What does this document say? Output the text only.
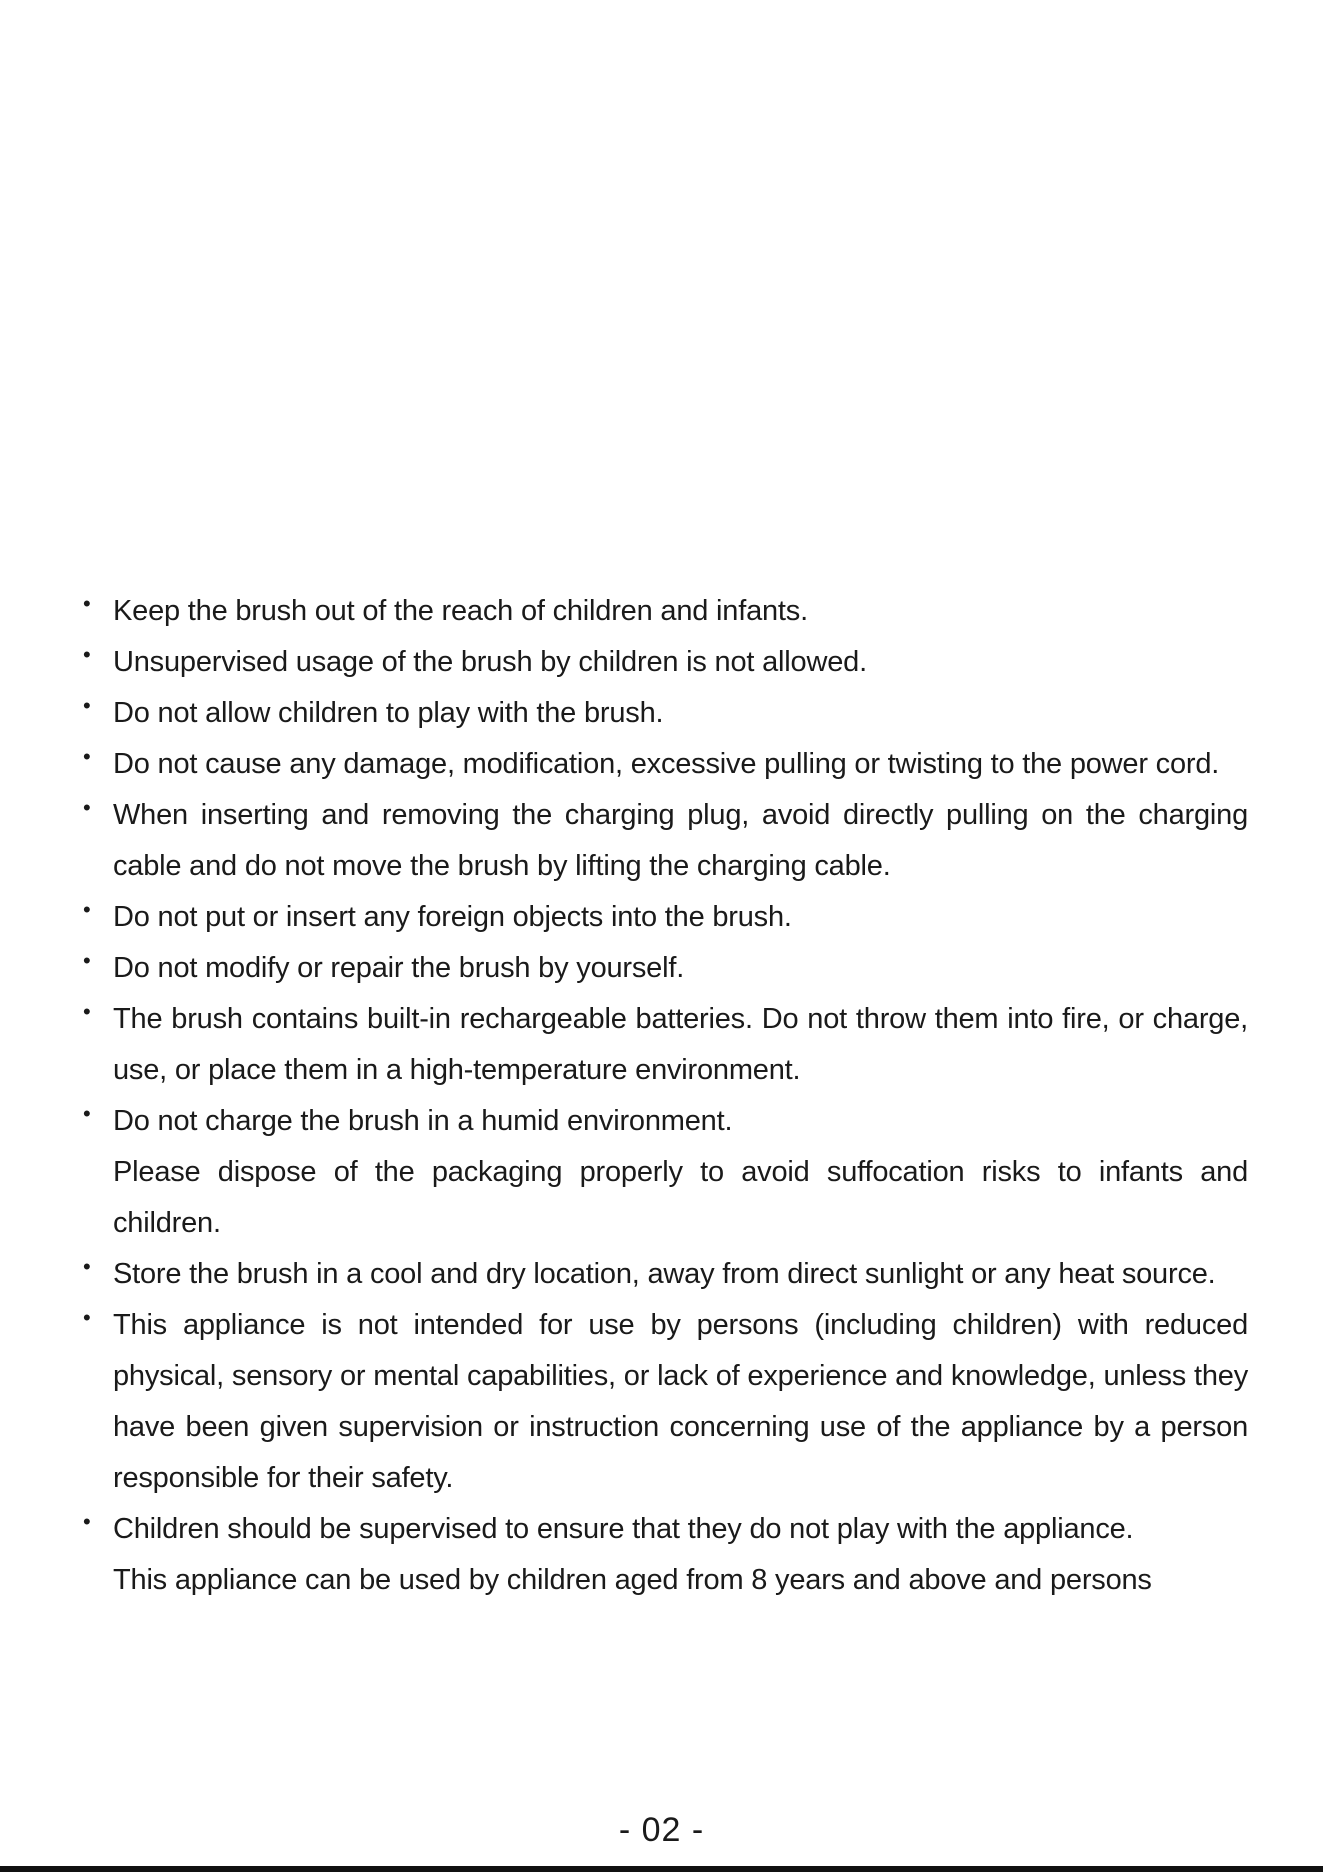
• Keep the brush out of the reach of children and infants.
• Unsupervised usage of the brush by children is not allowed.
• Do not allow children to play with the brush.
• Do not cause any damage, modification, excessive pulling or twisting to the power cord.
• When inserting and removing the charging plug, avoid directly pulling on the charging cable and do not move the brush by lifting the charging cable.
• Do not put or insert any foreign objects into the brush.
• Do not modify or repair the brush by yourself.
• The brush contains built-in rechargeable batteries. Do not throw them into fire, or charge, use, or place them in a high-temperature environment.
• Do not charge the brush in a humid environment.
Please dispose of the packaging properly to avoid suffocation risks to infants and children.
• Store the brush in a cool and dry location, away from direct sunlight or any heat source.
• This appliance is not intended for use by persons (including children) with reduced physical, sensory or mental capabilities, or lack of experience and knowledge, unless they have been given supervision or instruction concerning use of the appliance by a person responsible for their safety.
• Children should be supervised to ensure that they do not play with the appliance.
This appliance can be used by children aged from 8 years and above and persons
- 02 -
